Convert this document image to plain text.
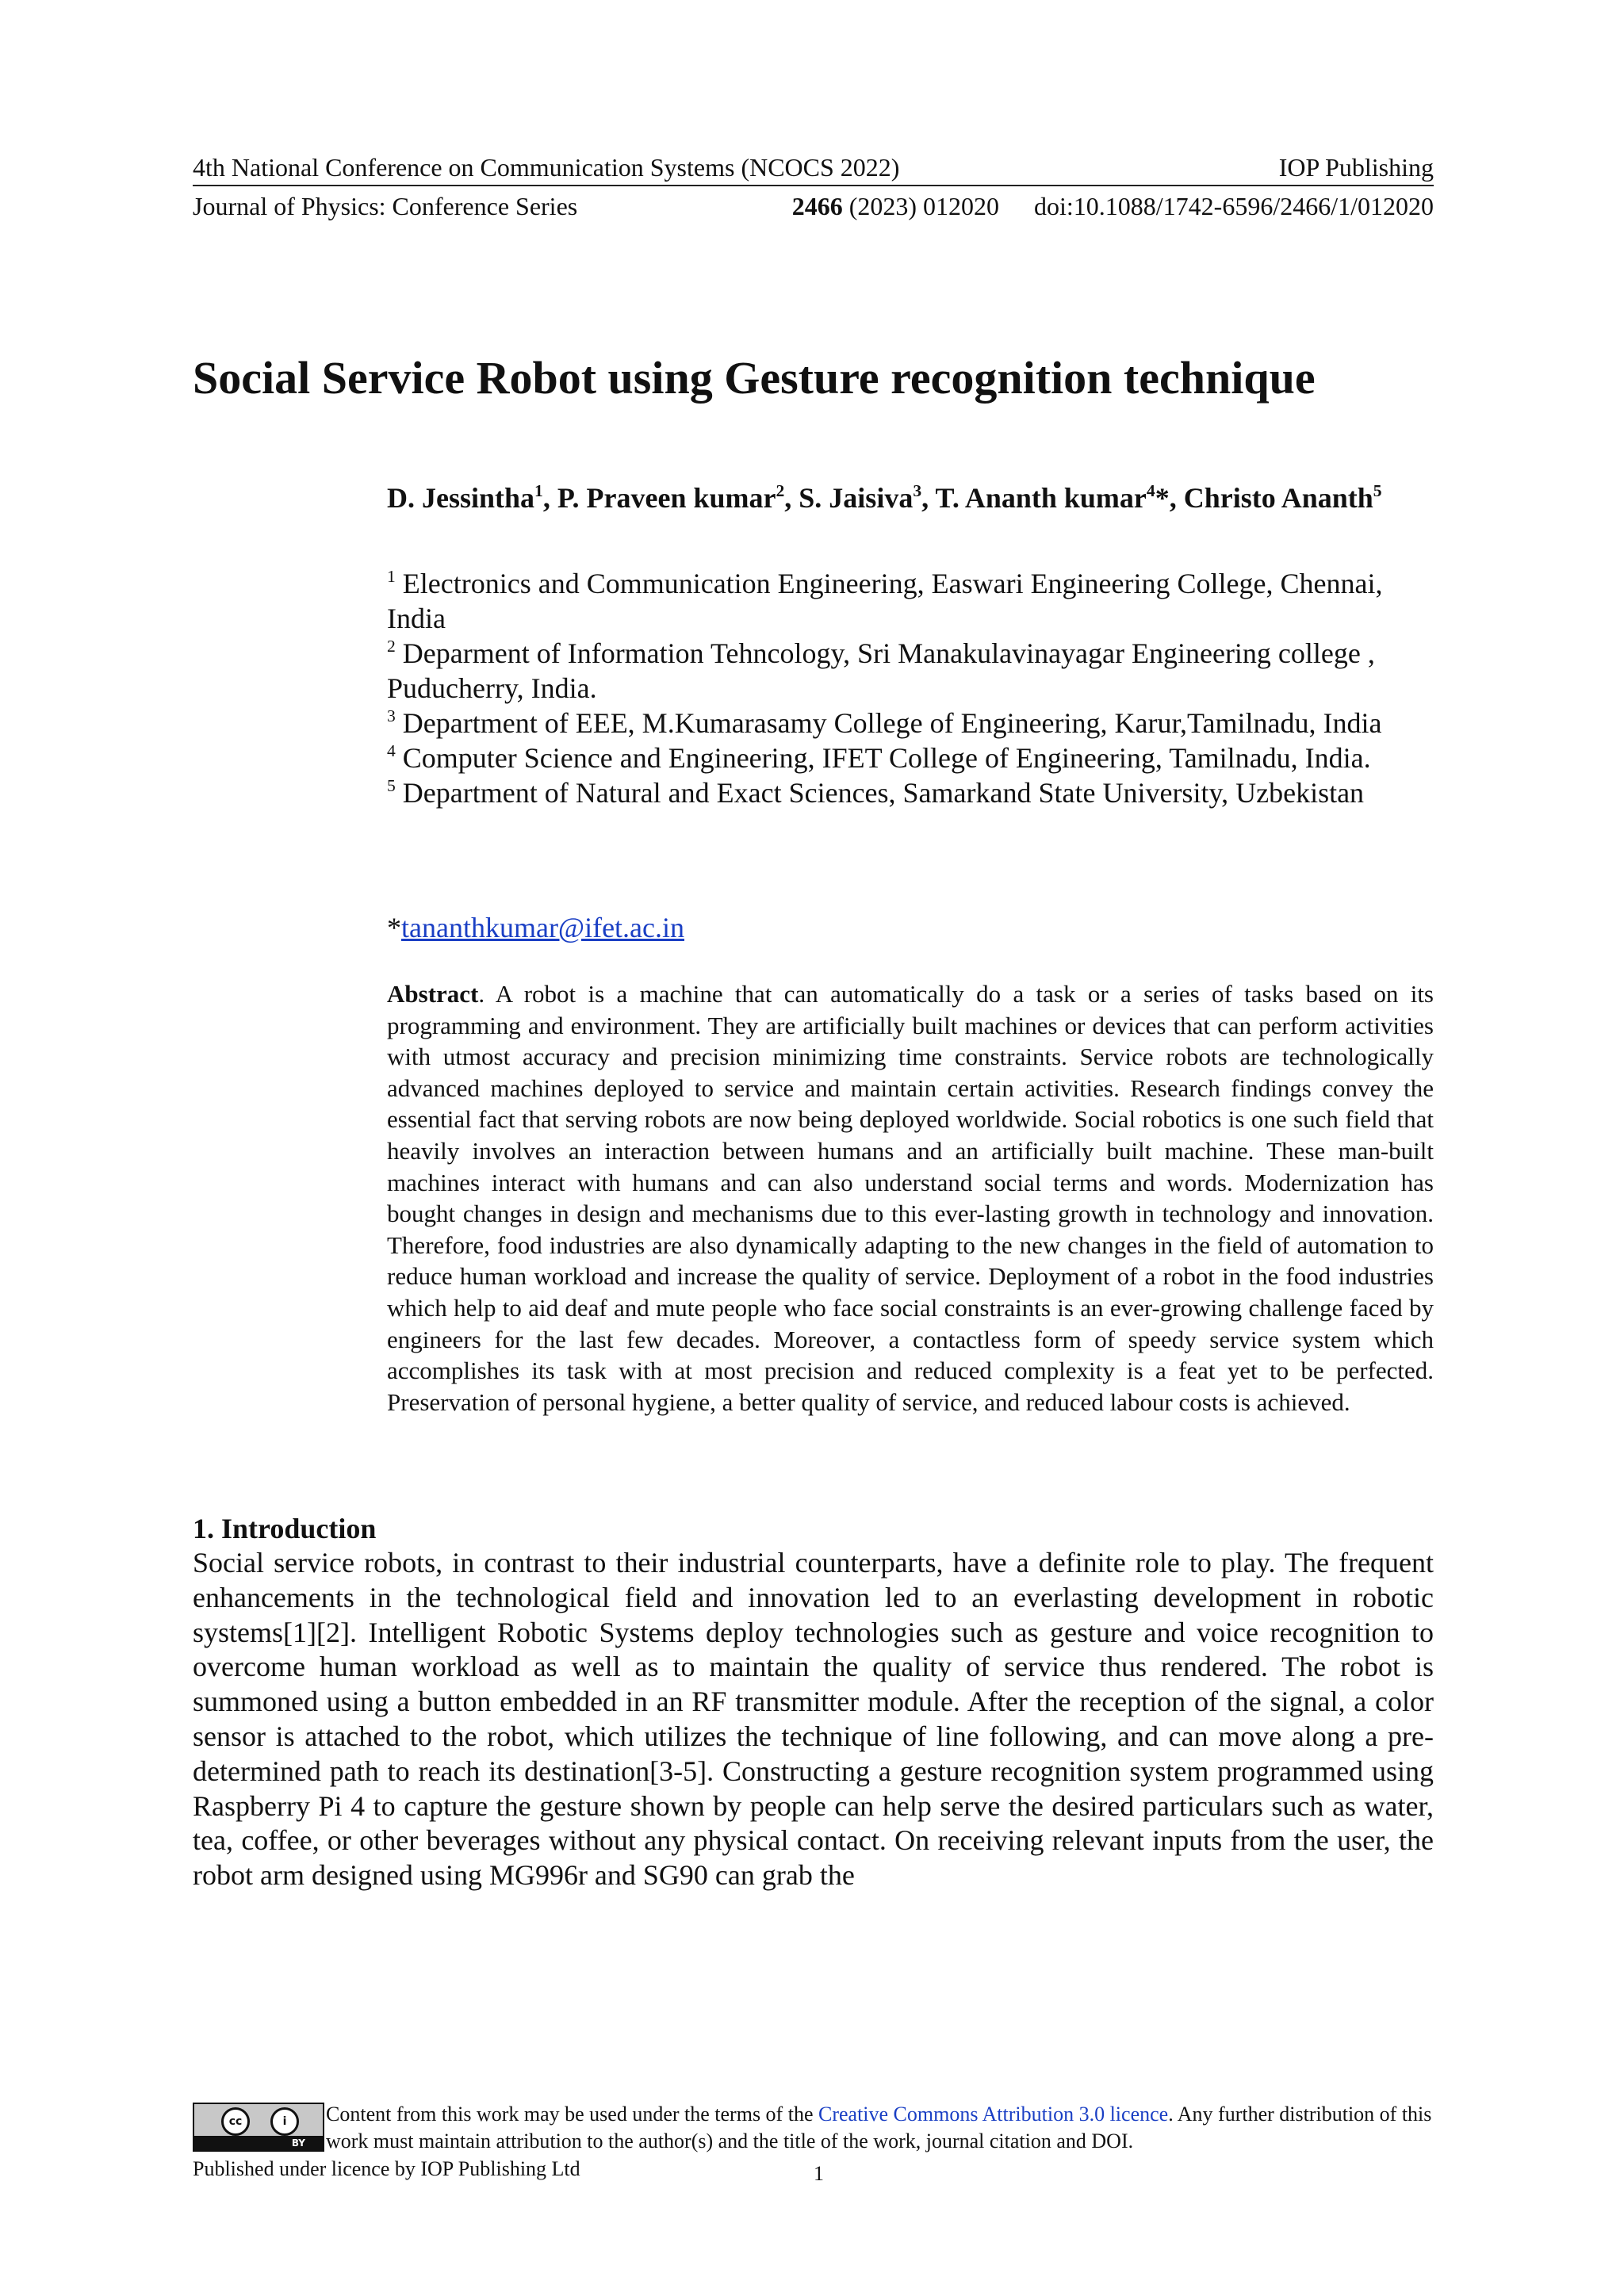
4th National Conference on Communication Systems (NCOCS 2022)	IOP Publishing
Journal of Physics: Conference Series	2466 (2023) 012020 doi:10.1088/1742-6596/2466/1/012020
Social Service Robot using Gesture recognition technique
D. Jessintha$^1$, P. Praveen kumar$^2$, S. Jaisiva$^3$, T. Ananth kumar$^4$*, Christo Ananth$^5$
$^1$ Electronics and Communication Engineering, Easwari Engineering College, Chennai, India
$^2$ Deparment of Information Tehncology, Sri Manakulavinayagar Engineering college , Puducherry, India.
$^3$ Department of EEE, M.Kumarasamy College of Engineering, Karur,Tamilnadu, India
$^4$ Computer Science and Engineering, IFET College of Engineering, Tamilnadu, India.
$^5$ Department of Natural and Exact Sciences, Samarkand State University, Uzbekistan
*tananthkumar@ifet.ac.in
Abstract. A robot is a machine that can automatically do a task or a series of tasks based on its programming and environment. They are artificially built machines or devices that can perform activities with utmost accuracy and precision minimizing time constraints. Service robots are technologically advanced machines deployed to service and maintain certain activities. Research findings convey the essential fact that serving robots are now being deployed worldwide. Social robotics is one such field that heavily involves an interaction between humans and an artificially built machine. These man-built machines interact with humans and can also understand social terms and words. Modernization has bought changes in design and mechanisms due to this ever-lasting growth in technology and innovation. Therefore, food industries are also dynamically adapting to the new changes in the field of automation to reduce human workload and increase the quality of service. Deployment of a robot in the food industries which help to aid deaf and mute people who face social constraints is an ever-growing challenge faced by engineers for the last few decades. Moreover, a contactless form of speedy service system which accomplishes its task with at most precision and reduced complexity is a feat yet to be perfected. Preservation of personal hygiene, a better quality of service, and reduced labour costs is achieved.
1. Introduction
Social service robots, in contrast to their industrial counterparts, have a definite role to play. The frequent enhancements in the technological field and innovation led to an everlasting development in robotic systems[1][2]. Intelligent Robotic Systems deploy technologies such as gesture and voice recognition to overcome human workload as well as to maintain the quality of service thus rendered. The robot is summoned using a button embedded in an RF transmitter module. After the reception of the signal, a color sensor is attached to the robot, which utilizes the technique of line following, and can move along a pre-determined path to reach its destination[3-5]. Constructing a gesture recognition system programmed using Raspberry Pi 4 to capture the gesture shown by people can help serve the desired particulars such as water, tea, coffee, or other beverages without any physical contact. On receiving relevant inputs from the user, the robot arm designed using MG996r and SG90 can grab the
cc	i
BY
Content from this work may be used under the terms of the Creative Commons Attribution 3.0 licence. Any further distribution of this work must maintain attribution to the author(s) and the title of the work, journal citation and DOI.
Published under licence by IOP Publishing Ltd	1
